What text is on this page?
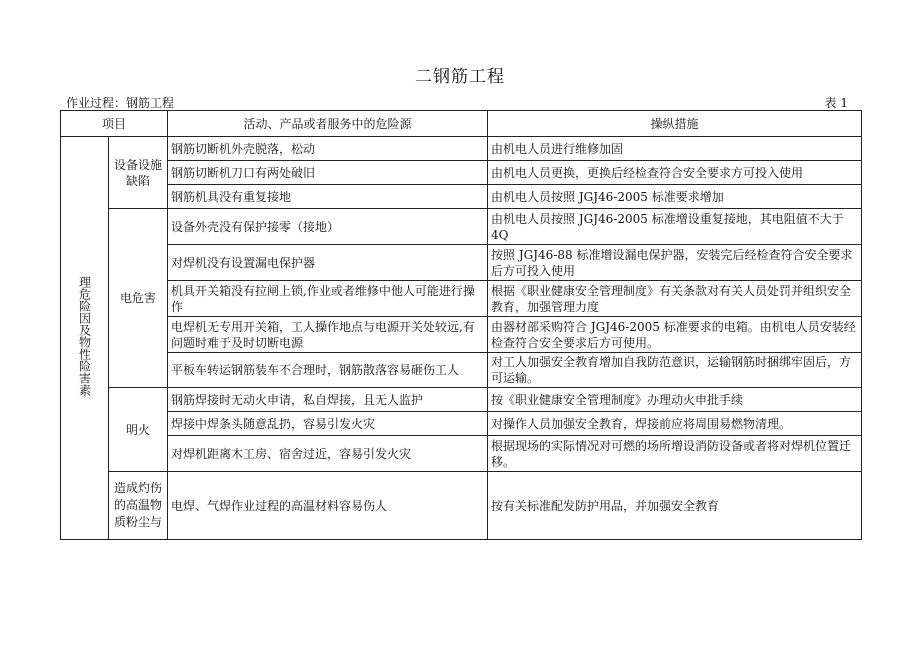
二钢筋工程
作业过程：钢筋工程	表 1
项目		活动、产品或者服务中的危险源	操纵措施
理危险因及物性险害素	设备设施缺陷	钢筋切断机外壳脱落，松动	由机电人员进行维修加固
		钢筋切断机刀口有两处破旧	由机电人员更换，更换后经检查符合安全要求方可投入使用
		钢筋机具没有重复接地	由机电人员按照 JGJ46-2005 标准要求增加
	电危害	设备外壳没有保护接零（接地）	由机电人员按照 JGJ46-2005 标准增设重复接地，其电阻值不大于4Q
		对焊机没有设置漏电保护器	按照 JGJ46-88 标准增设漏电保护器，安装完后经检查符合安全要求后方可投入使用
		机具开关箱没有拉闸上锁,作业或者维修中他人可能进行操作	根据《职业健康安全管理制度》有关条款对有关人员处罚并组织安全教育，加强管理力度
		电焊机无专用开关箱，工人操作地点与电源开关处较远,有问题时难于及时切断电源	由器材部采购符合 JGJ46-2005 标准要求的电箱。由机电人员安装经检查符合安全要求后方可使用。
		平板车转运钢筋装车不合理时，钢筋散落容易砸伤工人	对工人加强安全教育增加自我防范意识，运输钢筋时捆绑牢固后，方可运输。
	明火	钢筋焊接时无动火申请，私自焊接，且无人监护	按《职业健康安全管理制度》办理动火申批手续
		焊接中焊条头随意乱扔，容易引发火灾	对操作人员加强安全教育，焊接前应将周围易燃物清理。
		对焊机距离木工房、宿舍过近，容易引发火灾	根据现场的实际情况对可燃的场所增设消防设备或者将对焊机位置迁移。
	造成灼伤的高温物质粉尘与	电焊、气焊作业过程的高温材料容易伤人	按有关标准配发防护用品，并加强安全教育
